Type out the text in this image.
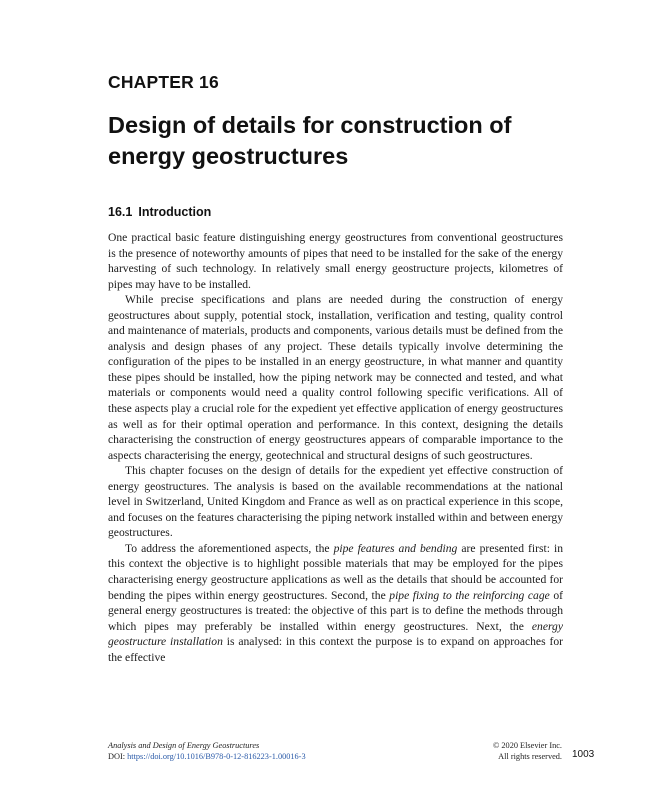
CHAPTER 16
Design of details for construction of energy geostructures
16.1 Introduction

One practical basic feature distinguishing energy geostructures from conventional geostructures is the presence of noteworthy amounts of pipes that need to be installed for the sake of the energy harvesting of such technology. In relatively small energy geostructure projects, kilometres of pipes may have to be installed.

While precise specifications and plans are needed during the construction of energy geostructures about supply, potential stock, installation, verification and testing, quality control and maintenance of materials, products and components, various details must be defined from the analysis and design phases of any project. These details typically involve determining the configuration of the pipes to be installed in an energy geostructure, in what manner and quantity these pipes should be installed, how the piping network may be connected and tested, and what materials or components would need a quality control following specific verifications. All of these aspects play a crucial role for the expedient yet effective application of energy geostructures as well as for their optimal operation and performance. In this context, designing the details characterising the construction of energy geostructures appears of comparable importance to the aspects characterising the energy, geotechnical and structural designs of such geostructures.

This chapter focuses on the design of details for the expedient yet effective construction of energy geostructures. The analysis is based on the available recommendations at the national level in Switzerland, United Kingdom and France as well as on practical experience in this scope, and focuses on the features characterising the piping network installed within and between energy geostructures.

To address the aforementioned aspects, the pipe features and bending are presented first: in this context the objective is to highlight possible materials that may be employed for the pipes characterising energy geostructure applications as well as the details that should be accounted for bending the pipes within energy geostructures. Second, the pipe fixing to the reinforcing cage of general energy geostructures is treated: the objective of this part is to define the methods through which pipes may preferably be installed within energy geostructures. Next, the energy geostructure installation is analysed: in this context the purpose is to expand on approaches for the effective

Analysis and Design of Energy Geostructures
DOI: https://doi.org/10.1016/B978-0-12-816223-1.00016-3
© 2020 Elsevier Inc.
All rights reserved. 1003
